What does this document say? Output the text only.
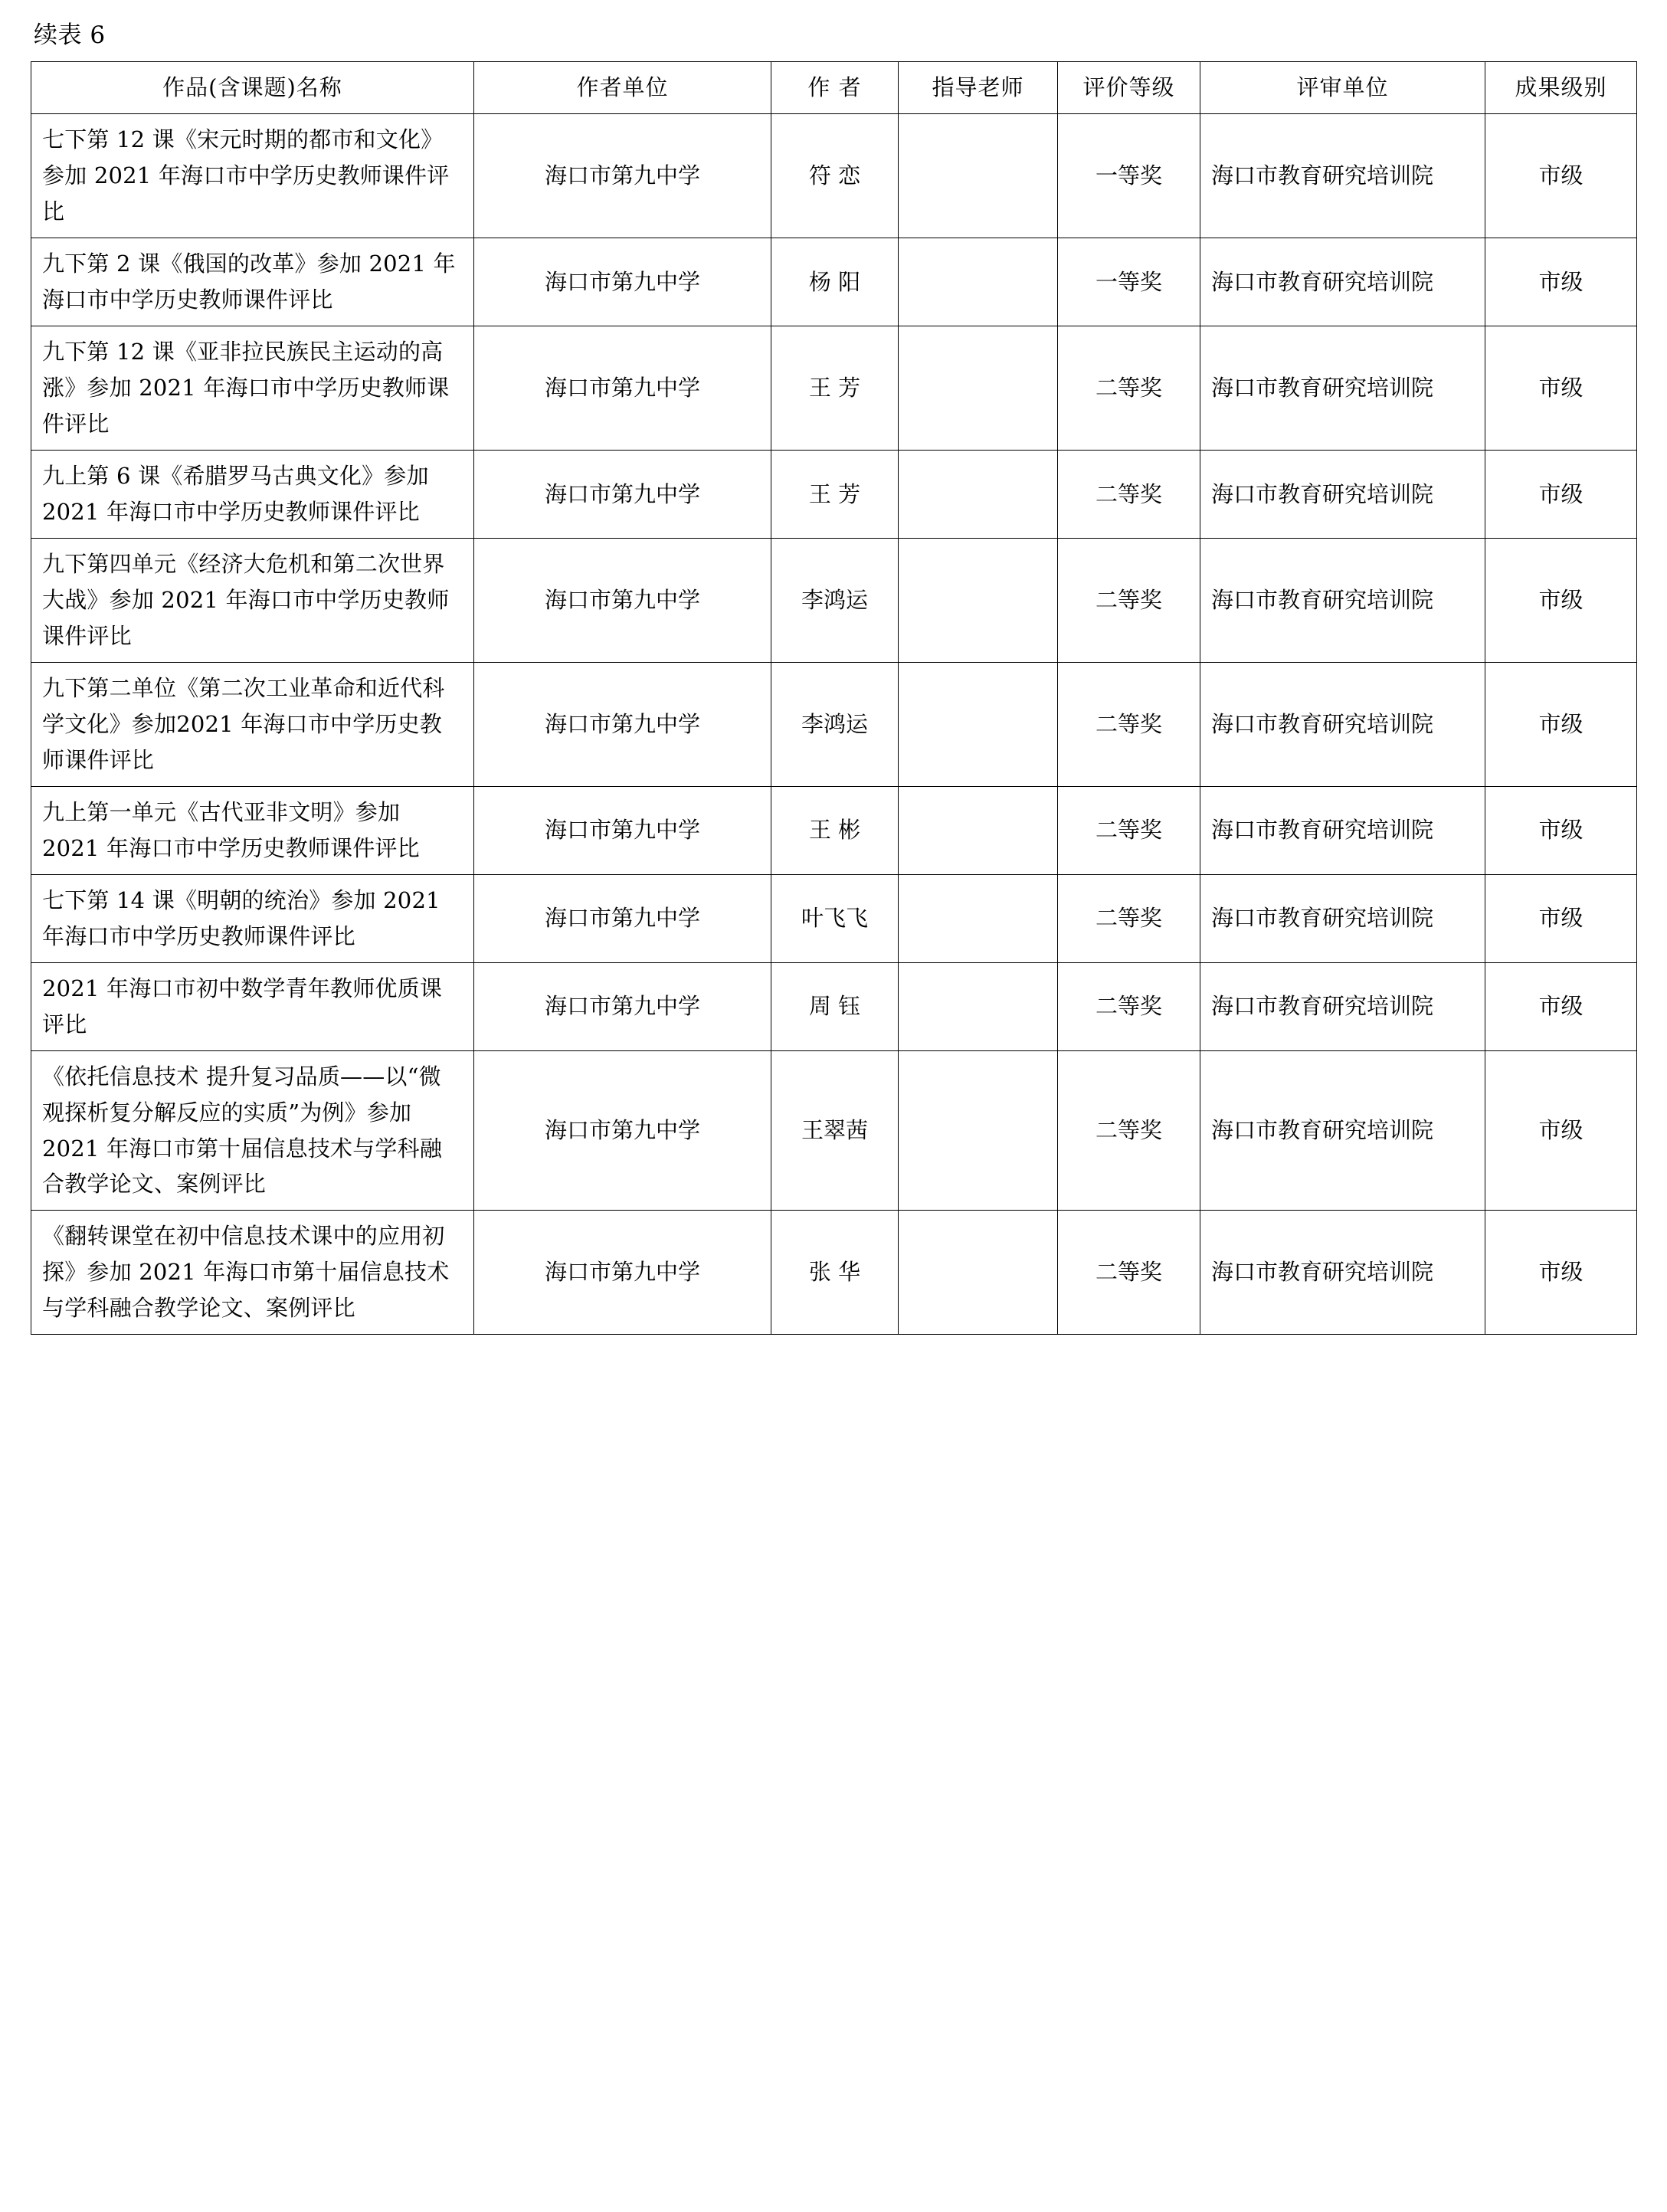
续表 6
作品(含课题)名称	作者单位	作 者	指导老师	评价等级	评审单位	成果级别
七下第 12 课《宋元时期的都市和文化》参加 2021 年海口市中学历史教师课件评比	海口市第九中学	符 恋		一等奖	海口市教育研究培训院	市级
九下第 2 课《俄国的改革》参加 2021 年海口市中学历史教师课件评比	海口市第九中学	杨 阳		一等奖	海口市教育研究培训院	市级
九下第 12 课《亚非拉民族民主运动的高涨》参加 2021 年海口市中学历史教师课件评比	海口市第九中学	王 芳		二等奖	海口市教育研究培训院	市级
九上第 6 课《希腊罗马古典文化》参加 2021 年海口市中学历史教师课件评比	海口市第九中学	王 芳		二等奖	海口市教育研究培训院	市级
九下第四单元《经济大危机和第二次世界大战》参加 2021 年海口市中学历史教师课件评比	海口市第九中学	李鸿运		二等奖	海口市教育研究培训院	市级
九下第二单位《第二次工业革命和近代科学文化》参加2021 年海口市中学历史教师课件评比	海口市第九中学	李鸿运		二等奖	海口市教育研究培训院	市级
九上第一单元《古代亚非文明》参加 2021 年海口市中学历史教师课件评比	海口市第九中学	王 彬		二等奖	海口市教育研究培训院	市级
七下第 14 课《明朝的统治》参加 2021 年海口市中学历史教师课件评比	海口市第九中学	叶飞飞		二等奖	海口市教育研究培训院	市级
2021 年海口市初中数学青年教师优质课评比	海口市第九中学	周 钰		二等奖	海口市教育研究培训院	市级
《依托信息技术 提升复习品质——以“微观探析复分解反应的实质”为例》参加 2021 年海口市第十届信息技术与学科融合教学论文、案例评比	海口市第九中学	王翠茜		二等奖	海口市教育研究培训院	市级
《翻转课堂在初中信息技术课中的应用初探》参加 2021 年海口市第十届信息技术与学科融合教学论文、案例评比	海口市第九中学	张 华		二等奖	海口市教育研究培训院	市级
